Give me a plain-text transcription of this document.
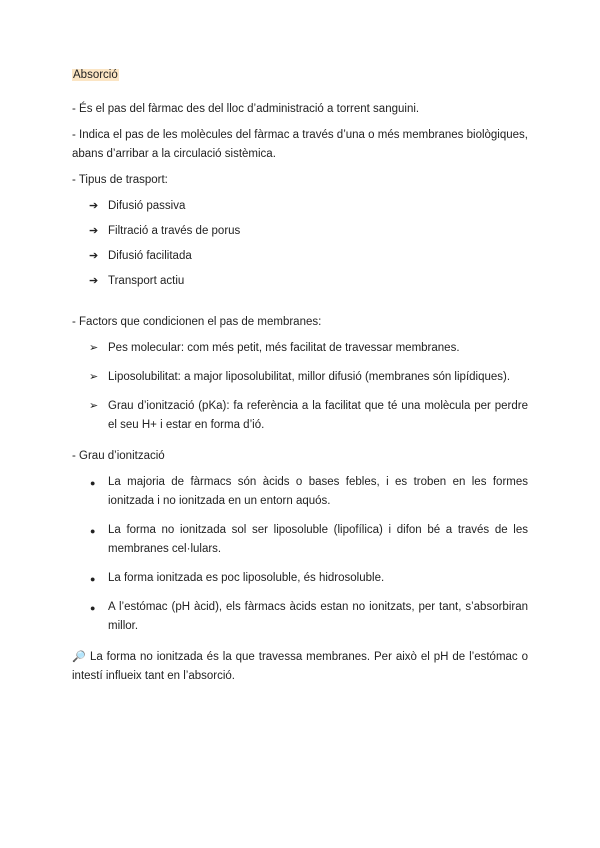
Absorció

- És el pas del fàrmac des del lloc d’administració a torrent sanguini.

- Indica el pas de les molècules del fàrmac a través d’una o més membranes biològiques, abans d’arribar a la circulació sistèmica.

- Tipus de trasport:

➔ Difusió passiva
➔ Filtració a través de porus
➔ Difusió facilitada
➔ Transport actiu

- Factors que condicionen el pas de membranes:

➢ Pes molecular: com més petit, més facilitat de travessar membranes.
➢ Liposolubilitat: a major liposolubilitat, millor difusió (membranes són lipídiques).
➢ Grau d’ionització (pKa): fa referència a la facilitat que té una molècula per perdre el seu H+ i estar en forma d’ió.

- Grau d’ionització

●	La majoria de fàrmacs són àcids o bases febles, i es troben en les formes ionitzada i no ionitzada en un entorn aquós.
●	La forma no ionitzada sol ser liposoluble (lipofílica) i difon bé a través de les membranes cel·lulars.
●	La forma ionitzada es poc liposoluble, és hidrosoluble.
●	A l’estómac (pH àcid), els fàrmacs àcids estan no ionitzats, per tant, s’absorbiran millor.

🔎 La forma no ionitzada és la que travessa membranes. Per això el pH de l’estómac o intestí influeix tant en l’absorció.
